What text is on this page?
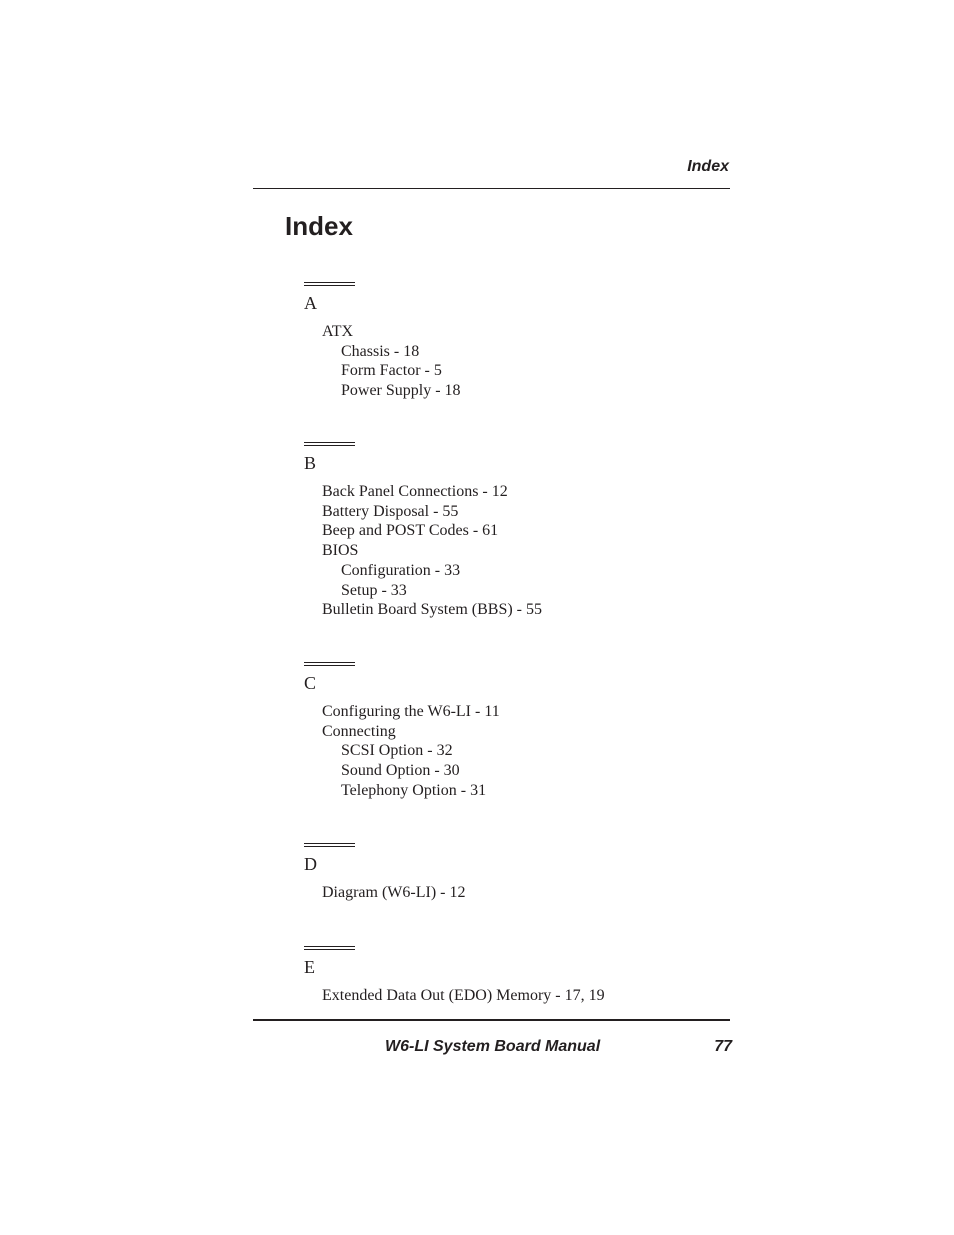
Index
Index
A
ATX
Chassis - 18
Form Factor - 5
Power Supply - 18
B
Back Panel Connections - 12
Battery Disposal - 55
Beep and POST Codes - 61
BIOS
Configuration - 33
Setup - 33
Bulletin Board System (BBS) - 55
C
Configuring the W6-LI - 11
Connecting
SCSI Option - 32
Sound Option - 30
Telephony Option - 31
D
Diagram (W6-LI) - 12
E
Extended Data Out (EDO) Memory - 17, 19
W6-LI System Board Manual	77
